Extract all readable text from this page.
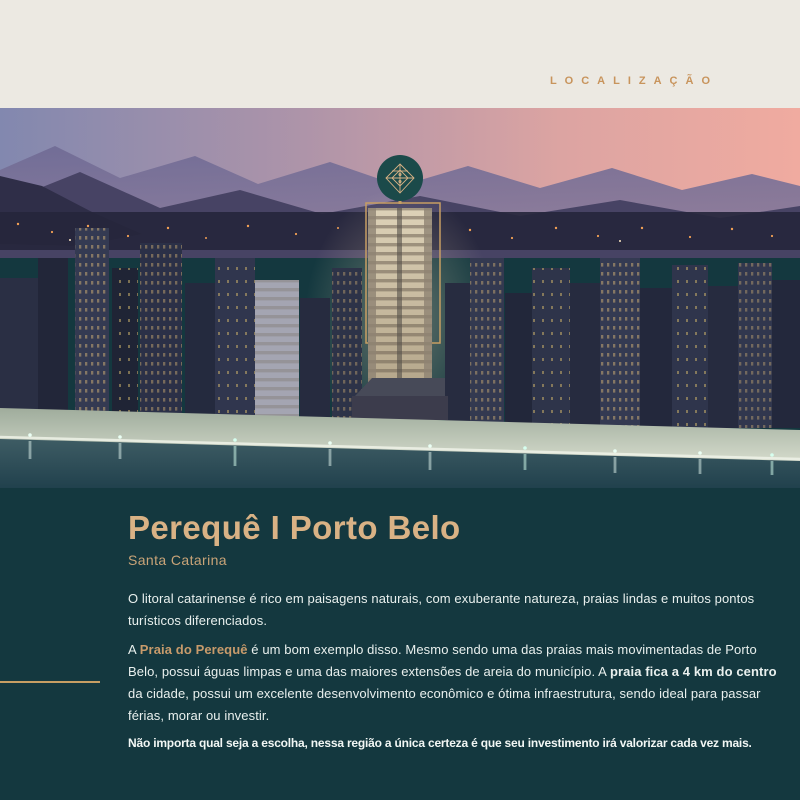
LOCALIZAÇÃO
Perequê I Porto Belo
Santa Catarina

O litoral catarinense é rico em paisagens naturais, com exuberante natureza, praias lindas e muitos pontos turísticos diferenciados.

A Praia do Perequê é um bom exemplo disso. Mesmo sendo uma das praias mais movimentadas de Porto Belo, possui águas limpas e uma das maiores extensões de areia do município. A praia fica a 4 km do centro da cidade, possui um excelente desenvolvimento econômico e ótima infraestrutura, sendo ideal para passar férias, morar ou investir.

Não importa qual seja a escolha, nessa região a única certeza é que seu investimento irá valorizar cada vez mais.
